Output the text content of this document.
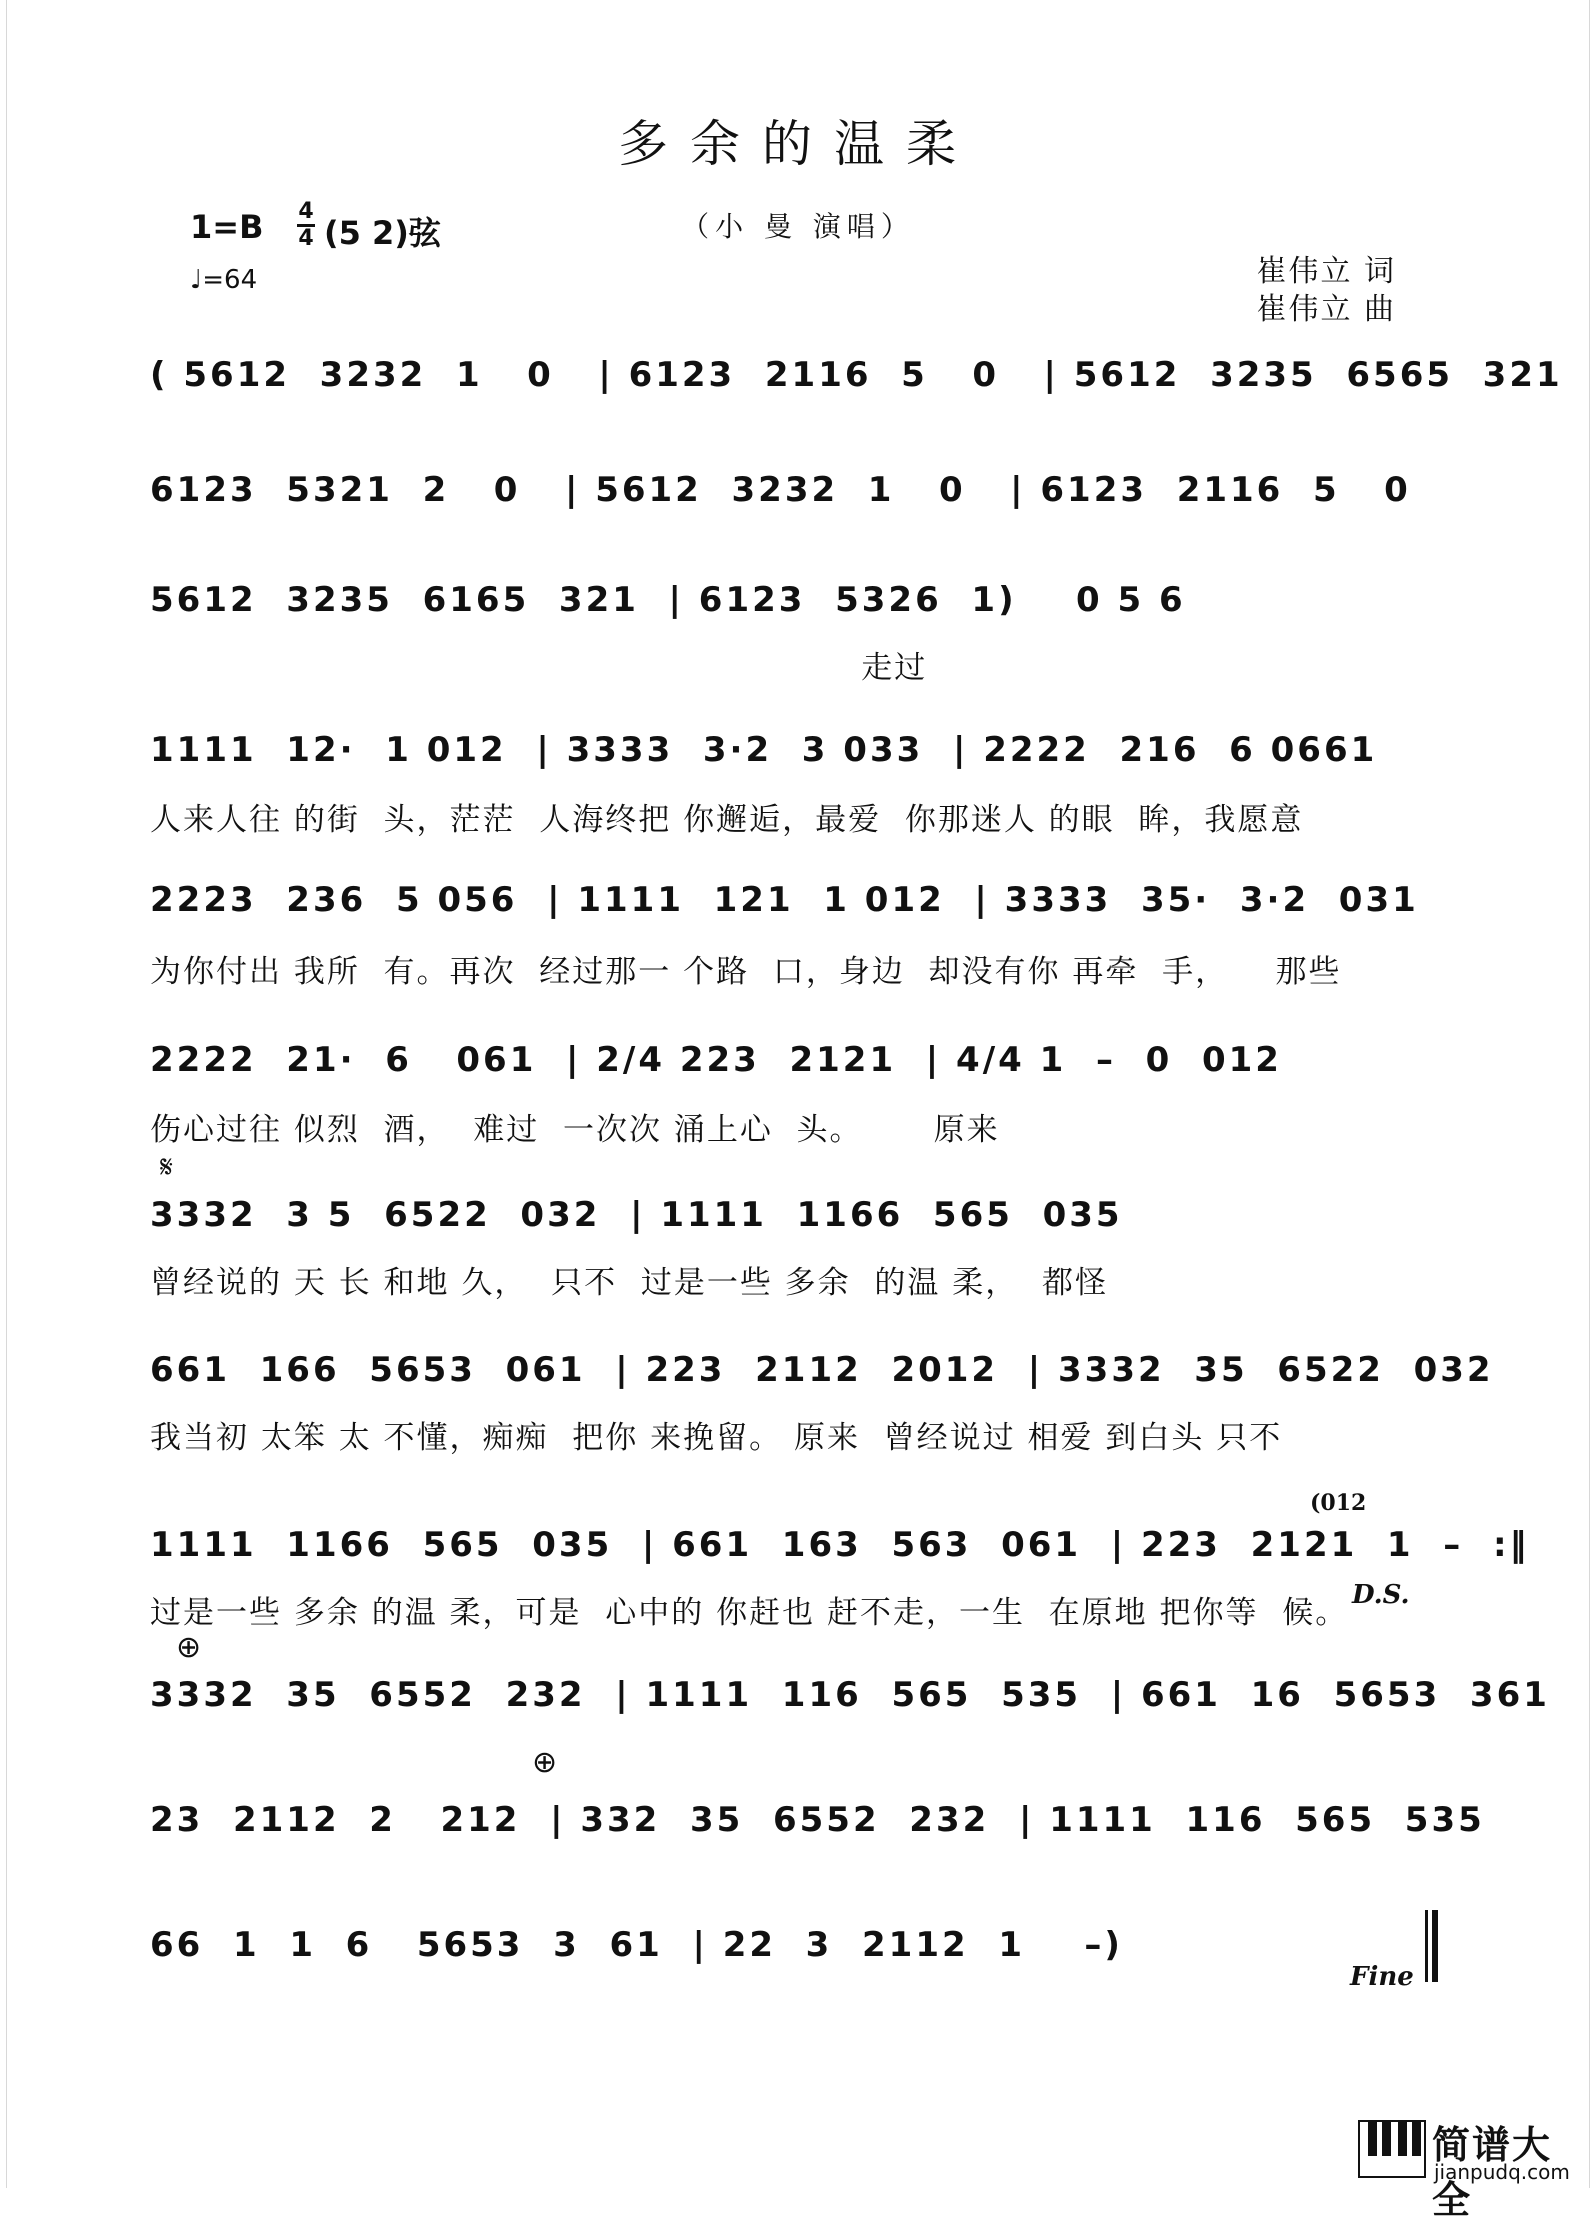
多余的温柔
（小 曼 演唱）
1=B 4
4 (5 2)弦
♩=64	崔伟立 词
崔伟立 曲
( 5612  3232  1   0   | 6123  2116  5   0   | 5612  3235  6565  321
6123  5321  2   0   | 5612  3232  1   0   | 6123  2116  5   0
5612  3235  6165  321  | 6123  5326  1)    0 5 6
走过
1111  12·  1 012  | 3333  3·2  3 033  | 2222  216  6 0661
人来人往 的街  头，茫茫  人海终把 你邂逅，最爱  你那迷人 的眼  眸，我愿意
2223  236  5 056  | 1111  121  1 012  | 3333  35·  3·2  031
为你付出 我所  有。再次  经过那一 个路  口，身边  却没有你 再牵  手，    那些
2222  21·  6   061  | 2/4 223  2121  | 4/4 1  –  0  012
伤心过往 似烈  酒，  难过  一次次 涌上心  头。      原来
𝄋
3332  3 5  6522  032  | 1111  1166  565  035
曾经说的 天 长 和地 久，  只不  过是一些 多余  的温 柔，  都怪
661  166  5653  061  | 223  2112  2012  | 3332  35  6522  032
我当初 太笨 太 不懂，痴痴  把你 来挽留。 原来  曾经说过 相爱 到白头 只不
1111  1166  565  035  | 661  163  563  061  | 223  2121  1  –  :‖
过是一些 多余 的温 柔，可是  心中的 你赶也 赶不走，一生  在原地 把你等  候。
(012
D.S.
⊕
3332  35  6552  232  | 1111  116  565  535  | 661  16  5653  361
⊕
23  2112  2   212  | 332  35  6552  232  | 1111  116  565  535
66  1  1  6   5653  3  61  | 22  3  2112  1    –)
Fine
简谱大全
jianpudq.com
